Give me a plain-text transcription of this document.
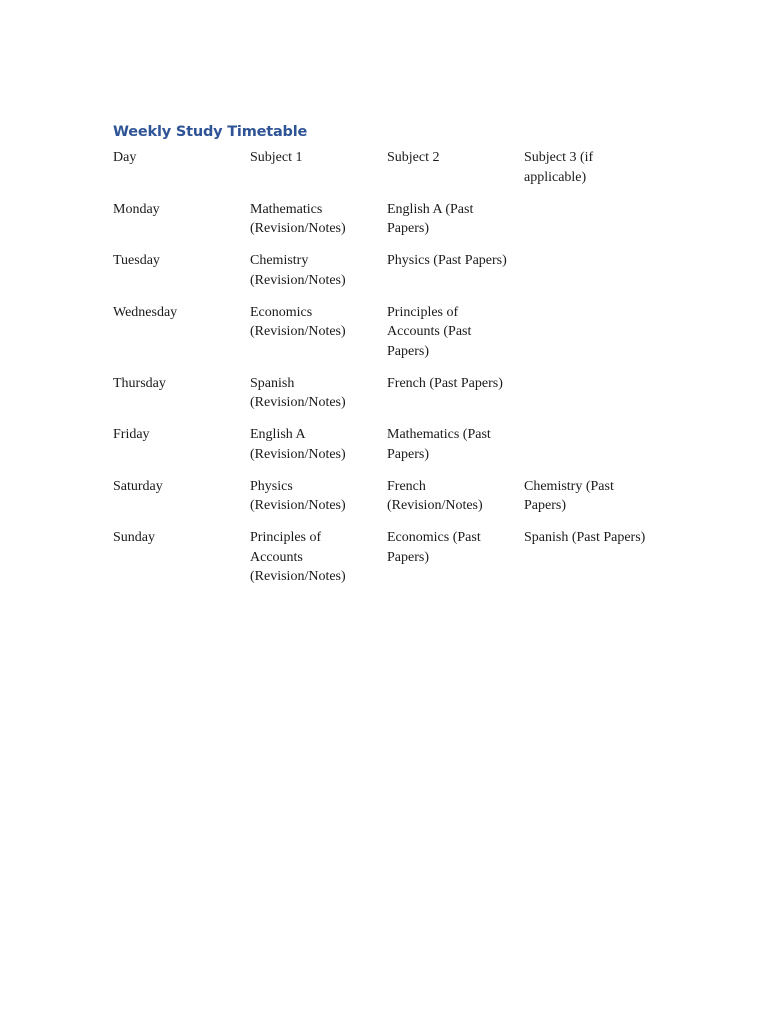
Weekly Study Timetable
Day	Subject 1	Subject 2	Subject 3 (if applicable)
Monday	Mathematics (Revision/Notes)	English A (Past Papers)	
Tuesday	Chemistry (Revision/Notes)	Physics (Past Papers)	
Wednesday	Economics (Revision/Notes)	Principles of Accounts (Past Papers)	
Thursday	Spanish (Revision/Notes)	French (Past Papers)	
Friday	English A (Revision/Notes)	Mathematics (Past Papers)	
Saturday	Physics (Revision/Notes)	French (Revision/Notes)	Chemistry (Past Papers)
Sunday	Principles of Accounts (Revision/Notes)	Economics (Past Papers)	Spanish (Past Papers)
